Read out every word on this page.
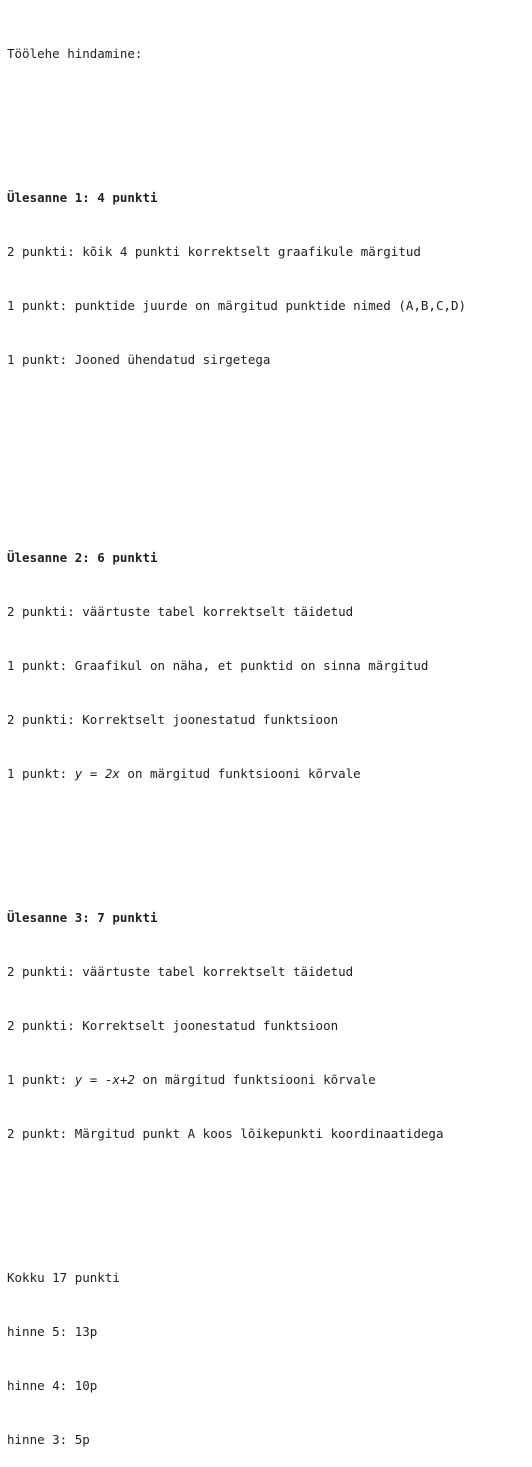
Töölehe hindamine:

Ülesanne 1: 4 punkti

2 punkti: kõik 4 punkti korrektselt graafikule märgitud

1 punkt: punktide juurde on märgitud punktide nimed (A,B,C,D)

1 punkt: Jooned ühendatud sirgetega

Ülesanne 2: 6 punkti

2 punkti: väärtuste tabel korrektselt täidetud

1 punkt: Graafikul on näha, et punktid on sinna märgitud

2 punkti: Korrektselt joonestatud funktsioon

1 punkt: y = 2x on märgitud funktsiooni kõrvale

Ülesanne 3: 7 punkti

2 punkti: väärtuste tabel korrektselt täidetud

2 punkti: Korrektselt joonestatud funktsioon

1 punkt: y = -x+2 on märgitud funktsiooni kõrvale

2 punkt: Märgitud punkt A koos lõikepunkti koordinaatidega

Kokku 17 punkti

hinne 5: 13p

hinne 4: 10p

hinne 3: 5p
